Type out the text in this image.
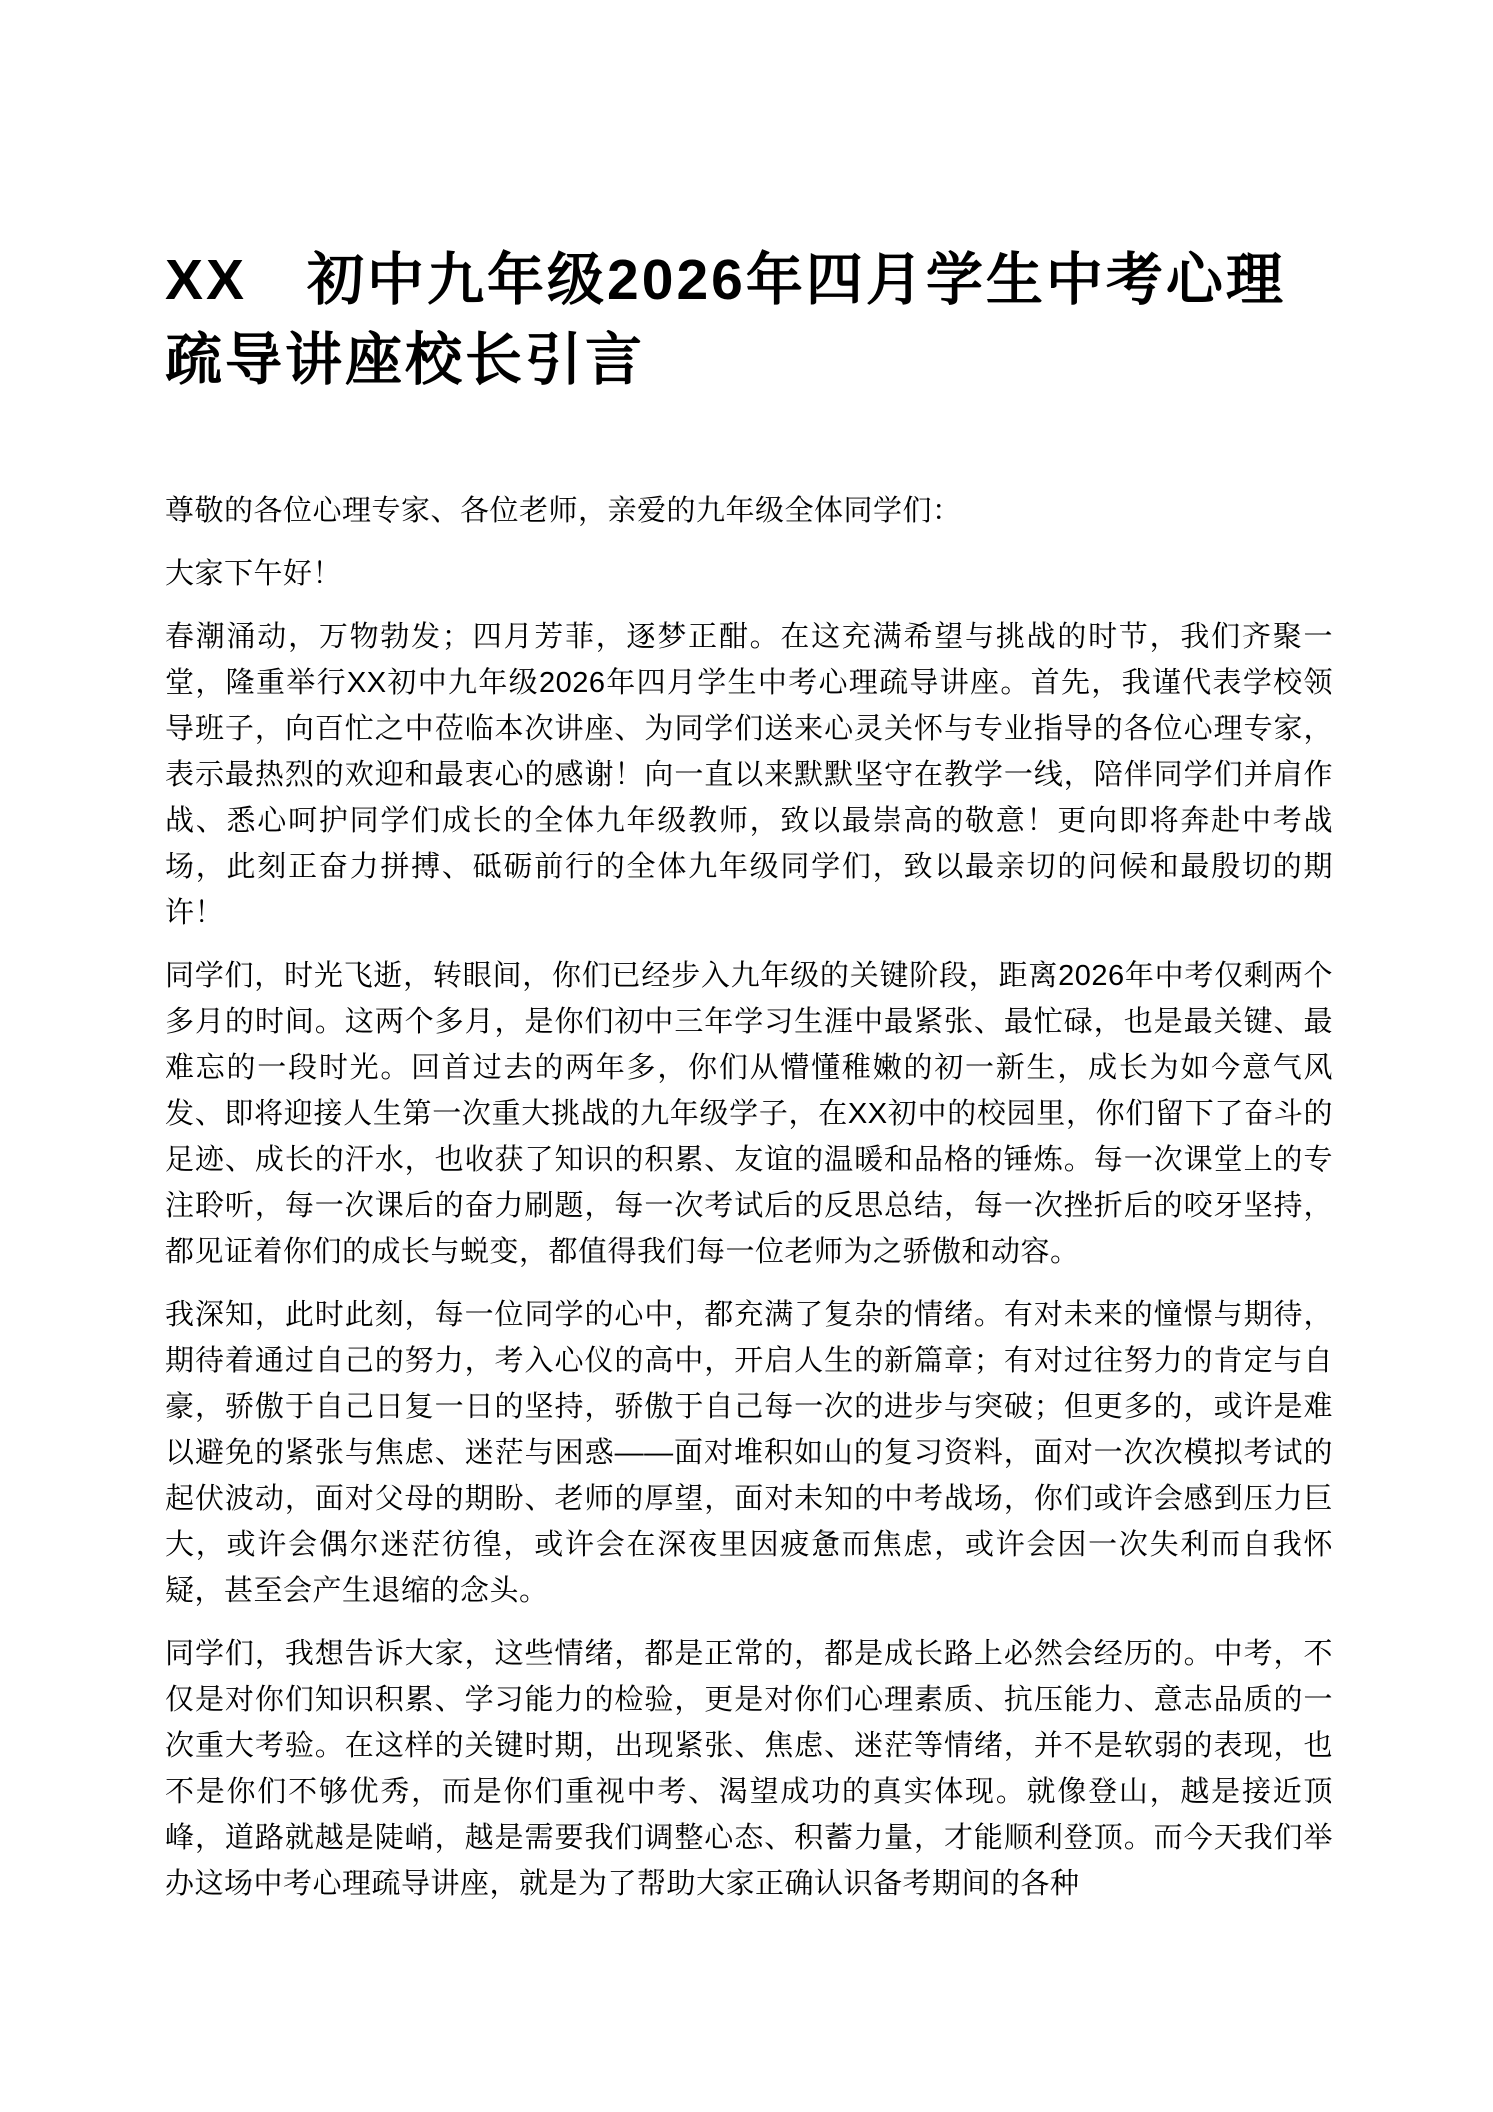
XX　初中九年级2026年四月学生中考心理疏导讲座校长引言

尊敬的各位心理专家、各位老师，亲爱的九年级全体同学们：

大家下午好！

春潮涌动，万物勃发；四月芳菲，逐梦正酣。在这充满希望与挑战的时节，我们齐聚一堂，隆重举行XX初中九年级2026年四月学生中考心理疏导讲座。首先，我谨代表学校领导班子，向百忙之中莅临本次讲座、为同学们送来心灵关怀与专业指导的各位心理专家，表示最热烈的欢迎和最衷心的感谢！向一直以来默默坚守在教学一线，陪伴同学们并肩作战、悉心呵护同学们成长的全体九年级教师，致以最崇高的敬意！更向即将奔赴中考战场，此刻正奋力拼搏、砥砺前行的全体九年级同学们，致以最亲切的问候和最殷切的期许！

同学们，时光飞逝，转眼间，你们已经步入九年级的关键阶段，距离2026年中考仅剩两个多月的时间。这两个多月，是你们初中三年学习生涯中最紧张、最忙碌，也是最关键、最难忘的一段时光。回首过去的两年多，你们从懵懂稚嫩的初一新生，成长为如今意气风发、即将迎接人生第一次重大挑战的九年级学子，在XX初中的校园里，你们留下了奋斗的足迹、成长的汗水，也收获了知识的积累、友谊的温暖和品格的锤炼。每一次课堂上的专注聆听，每一次课后的奋力刷题，每一次考试后的反思总结，每一次挫折后的咬牙坚持，都见证着你们的成长与蜕变，都值得我们每一位老师为之骄傲和动容。

我深知，此时此刻，每一位同学的心中，都充满了复杂的情绪。有对未来的憧憬与期待，期待着通过自己的努力，考入心仪的高中，开启人生的新篇章；有对过往努力的肯定与自豪，骄傲于自己日复一日的坚持，骄傲于自己每一次的进步与突破；但更多的，或许是难以避免的紧张与焦虑、迷茫与困惑——面对堆积如山的复习资料，面对一次次模拟考试的起伏波动，面对父母的期盼、老师的厚望，面对未知的中考战场，你们或许会感到压力巨大，或许会偶尔迷茫彷徨，或许会在深夜里因疲惫而焦虑，或许会因一次失利而自我怀疑，甚至会产生退缩的念头。

同学们，我想告诉大家，这些情绪，都是正常的，都是成长路上必然会经历的。中考，不仅是对你们知识积累、学习能力的检验，更是对你们心理素质、抗压能力、意志品质的一次重大考验。在这样的关键时期，出现紧张、焦虑、迷茫等情绪，并不是软弱的表现，也不是你们不够优秀，而是你们重视中考、渴望成功的真实体现。就像登山，越是接近顶峰，道路就越是陡峭，越是需要我们调整心态、积蓄力量，才能顺利登顶。而今天我们举办这场中考心理疏导讲座，就是为了帮助大家正确认识备考期间的各种
